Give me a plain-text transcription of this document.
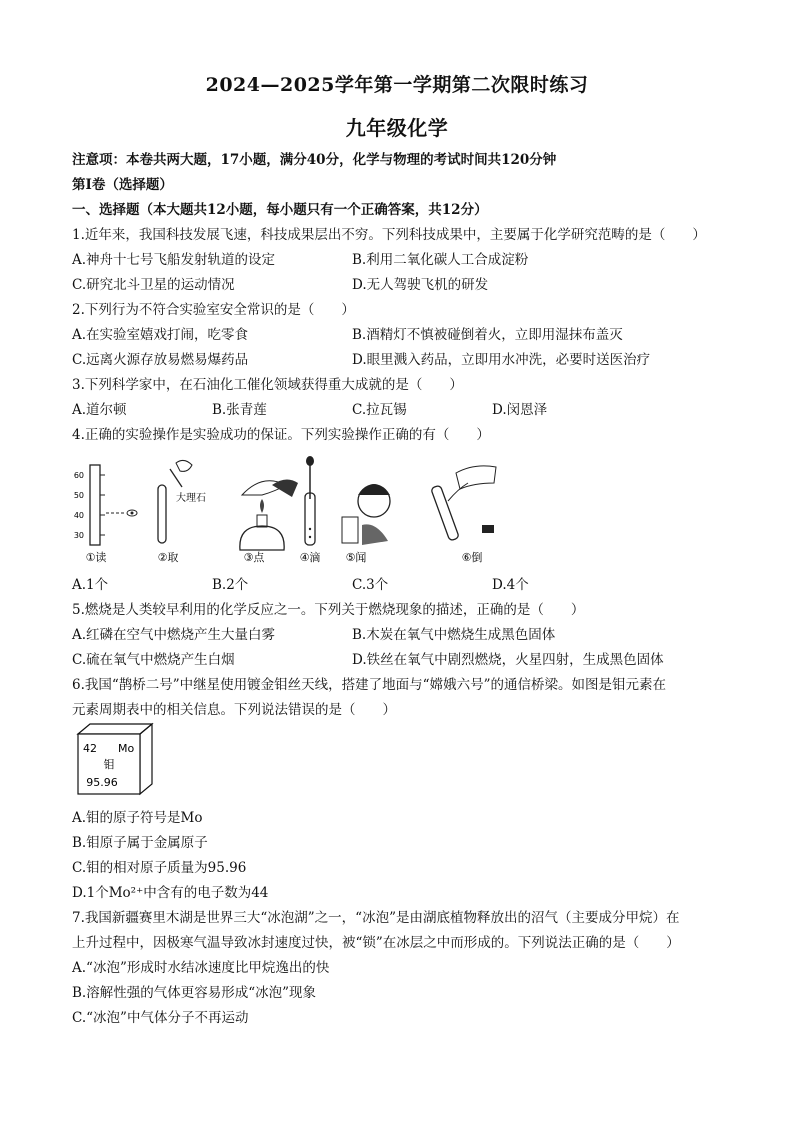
2024—2025学年第一学期第二次限时练习
九年级化学
注意项：本卷共两大题，17小题，满分40分，化学与物理的考试时间共120分钟
第Ⅰ卷（选择题）
一、选择题（本大题共12小题，每小题只有一个正确答案，共12分）
1.近年来，我国科技发展飞速，科技成果层出不穷。下列科技成果中，主要属于化学研究范畴的是（　　）
A.神舟十七号飞船发射轨道的设定	B.利用二氧化碳人工合成淀粉
C.研究北斗卫星的运动情况	D.无人驾驶飞机的研发
2.下列行为不符合实验室安全常识的是（　　）
A.在实验室嬉戏打闹，吃零食	B.酒精灯不慎被碰倒着火，立即用湿抹布盖灭
C.远离火源存放易燃易爆药品	D.眼里溅入药品，立即用水冲洗，必要时送医治疗
3.下列科学家中，在石油化工催化领域获得重大成就的是（　　）
A.道尔顿	B.张青莲	C.拉瓦锡	D.闵恩泽
4.正确的实验操作是实验成功的保证。下列实验操作正确的有（　　）
60
50
40
30
大理石
①读	②取	③点	④滴 ⑤闻	⑥倒
A.1个	B.2个	C.3个	D.4个
5.燃烧是人类较早利用的化学反应之一。下列关于燃烧现象的描述，正确的是（　　）
A.红磷在空气中燃烧产生大量白雾	B.木炭在氧气中燃烧生成黑色固体
C.硫在氧气中燃烧产生白烟	D.铁丝在氧气中剧烈燃烧，火星四射，生成黑色固体
6.我国“鹊桥二号”中继星使用镀金钼丝天线，搭建了地面与“嫦娥六号”的通信桥梁。如图是钼元素在
元素周期表中的相关信息。下列说法错误的是（　　）
42 Mo
钼
95.96
A.钼的原子符号是Mo
B.钼原子属于金属原子
C.钼的相对原子质量为95.96
D.1个Mo²⁺中含有的电子数为44
7.我国新疆赛里木湖是世界三大“冰泡湖”之一，“冰泡”是由湖底植物释放出的沼气（主要成分甲烷）在
上升过程中，因极寒气温导致冰封速度过快，被“锁”在冰层之中而形成的。下列说法正确的是（　　）
A.“冰泡”形成时水结冰速度比甲烷逸出的快
B.溶解性强的气体更容易形成“冰泡”现象
C.“冰泡”中气体分子不再运动
